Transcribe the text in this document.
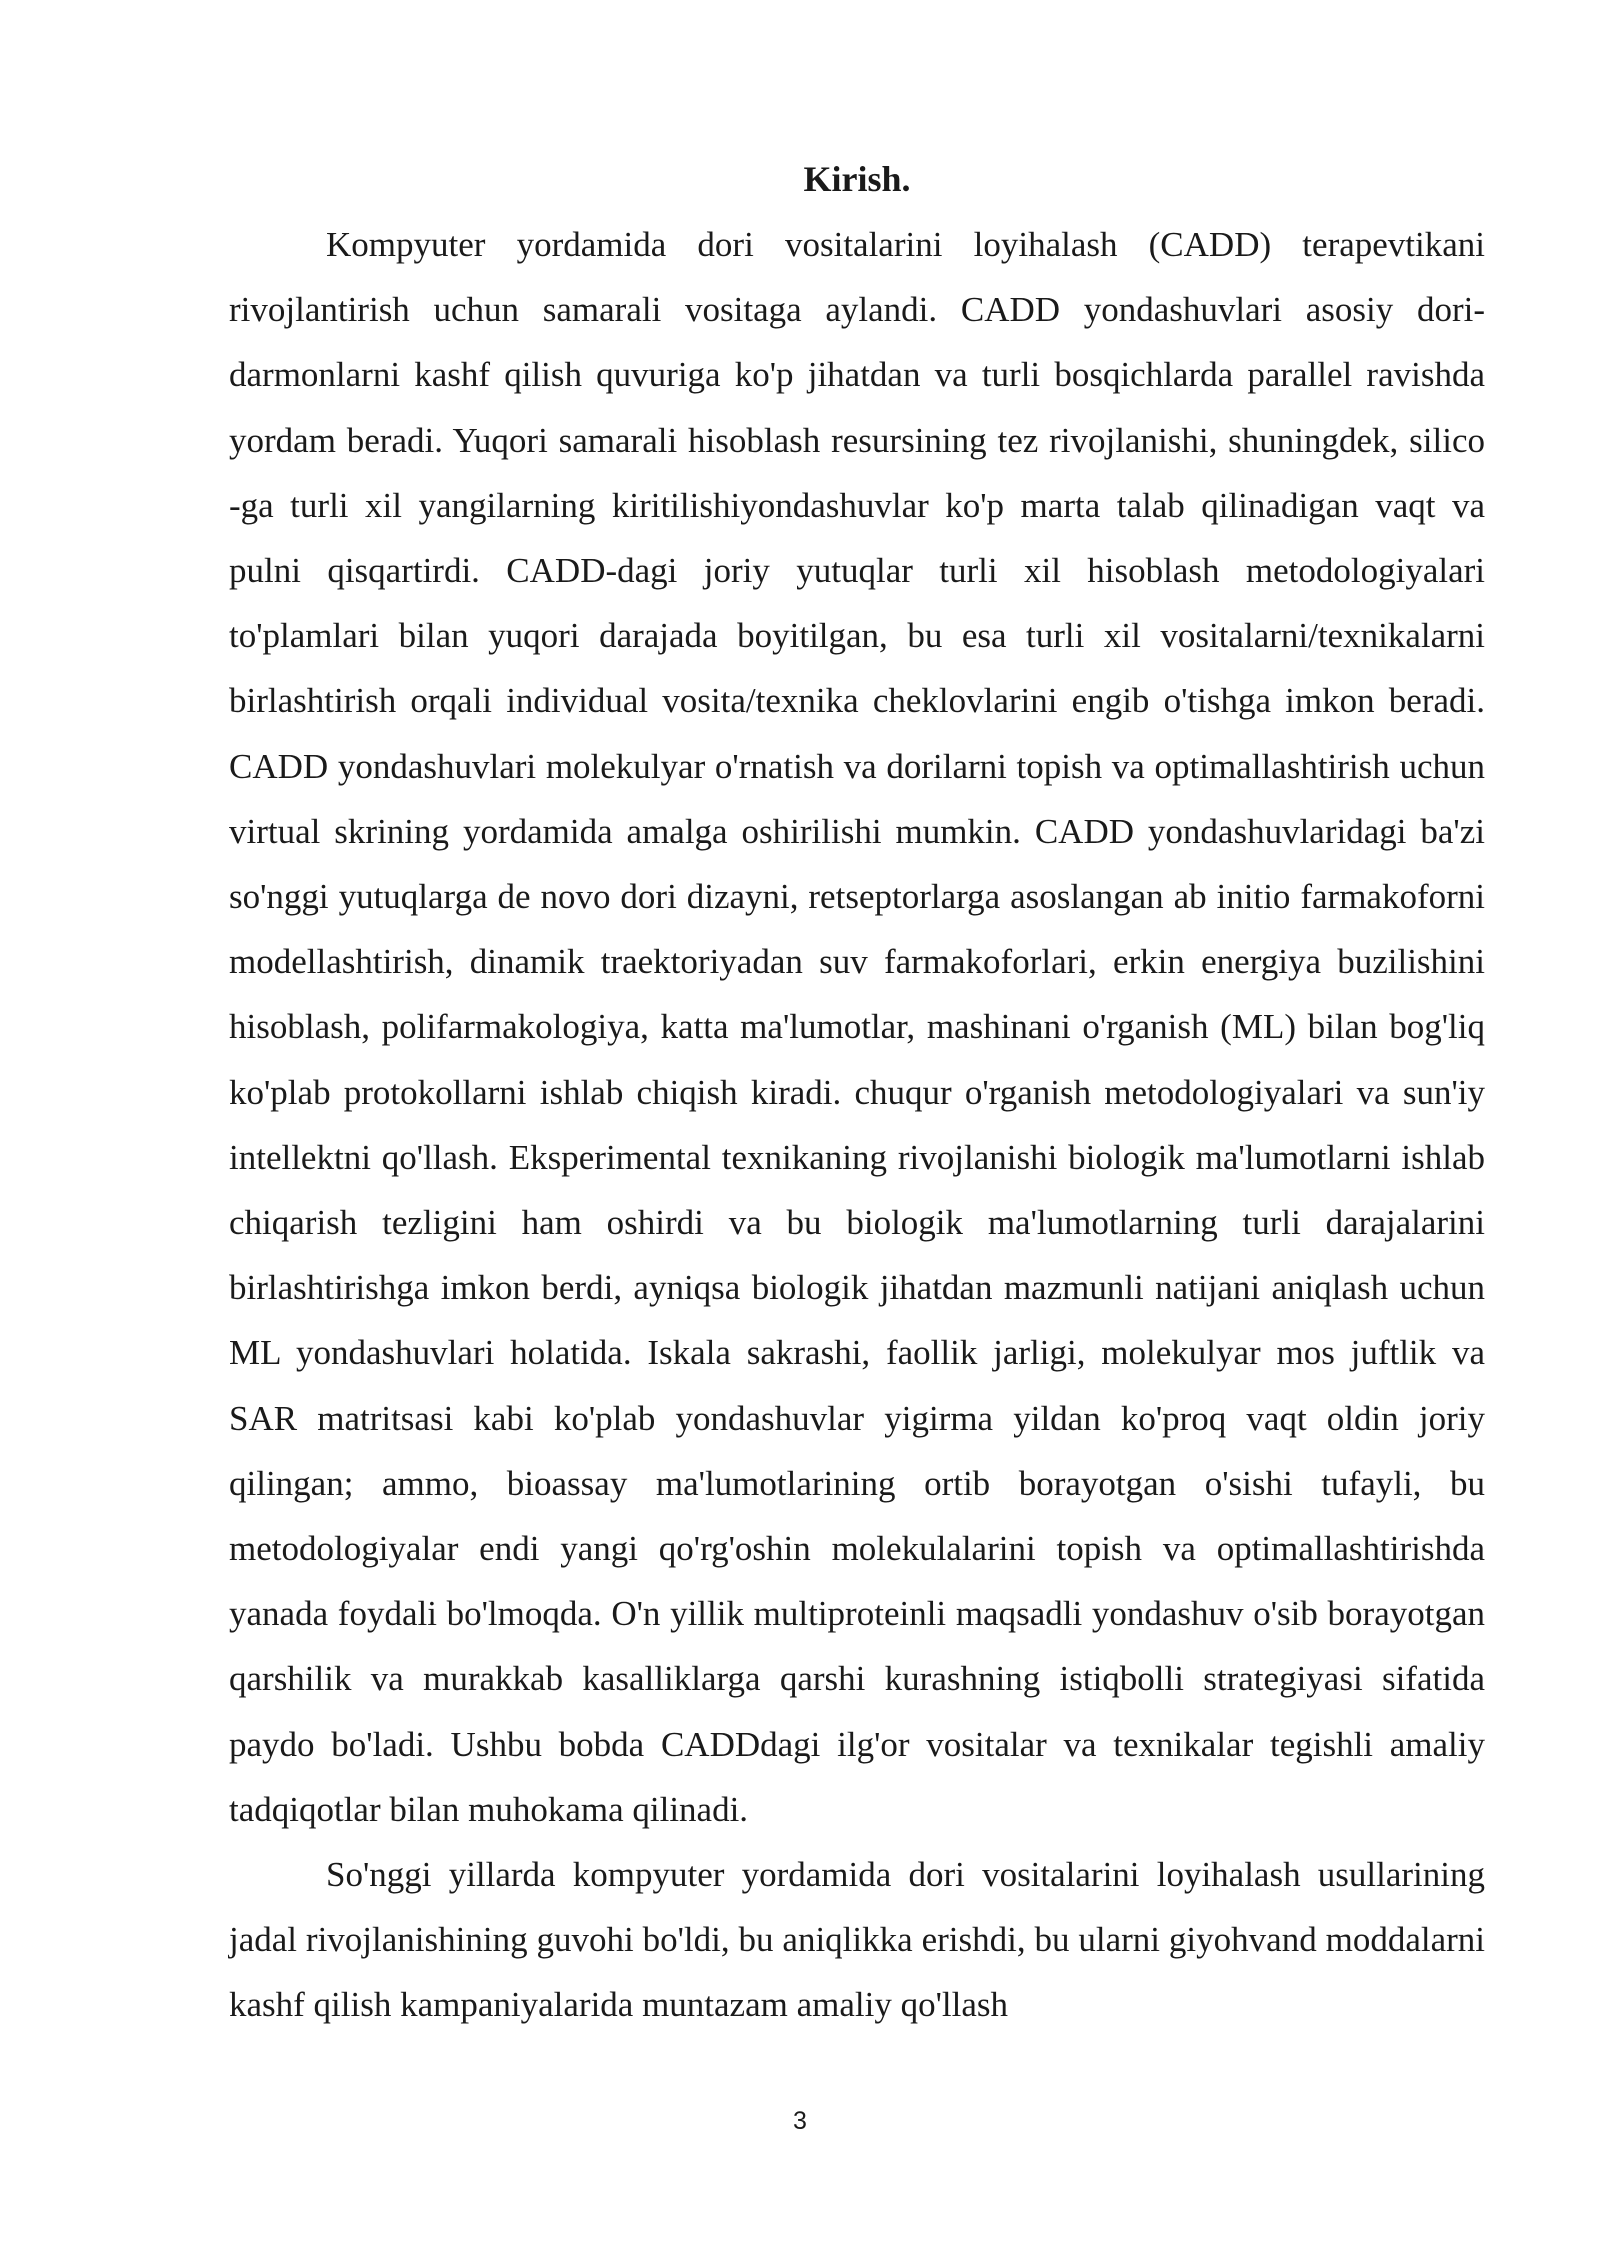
Kirish.

Kompyuter yordamida dori vositalarini loyihalash (CADD) terapevtikani rivojlantirish uchun samarali vositaga aylandi. CADD yondashuvlari asosiy dori-darmonlarni kashf qilish quvuriga ko'p jihatdan va turli bosqichlarda parallel ravishda yordam beradi. Yuqori samarali hisoblash resursining tez rivojlanishi, shuningdek, silico -ga turli xil yangilarning kiritilishiyondashuvlar ko'p marta talab qilinadigan vaqt va pulni qisqartirdi. CADD-dagi joriy yutuqlar turli xil hisoblash metodologiyalari to'plamlari bilan yuqori darajada boyitilgan, bu esa turli xil vositalarni/texnikalarni birlashtirish orqali individual vosita/texnika cheklovlarini engib o'tishga imkon beradi. CADD yondashuvlari molekulyar o'rnatish va dorilarni topish va optimallashtirish uchun virtual skrining yordamida amalga oshirilishi mumkin. CADD yondashuvlaridagi ba'zi so'nggi yutuqlarga de novo dori dizayni, retseptorlarga asoslangan ab initio farmakoforni modellashtirish, dinamik traektoriyadan suv farmakoforlari, erkin energiya buzilishini hisoblash, polifarmakologiya, katta ma'lumotlar, mashinani o'rganish (ML) bilan bog'liq ko'plab protokollarni ishlab chiqish kiradi. chuqur o'rganish metodologiyalari va sun'iy intellektni qo'llash. Eksperimental texnikaning rivojlanishi biologik ma'lumotlarni ishlab chiqarish tezligini ham oshirdi va bu biologik ma'lumotlarning turli darajalarini birlashtirishga imkon berdi, ayniqsa biologik jihatdan mazmunli natijani aniqlash uchun ML yondashuvlari holatida. Iskala sakrashi, faollik jarligi, molekulyar mos juftlik va SAR matritsasi kabi ko'plab yondashuvlar yigirma yildan ko'proq vaqt oldin joriy qilingan; ammo, bioassay ma'lumotlarining ortib borayotgan o'sishi tufayli, bu metodologiyalar endi yangi qo'rg'oshin molekulalarini topish va optimallashtirishda yanada foydali bo'lmoqda. O'n yillik multiproteinli maqsadli yondashuv o'sib borayotgan qarshilik va murakkab kasalliklarga qarshi kurashning istiqbolli strategiyasi sifatida paydo bo'ladi. Ushbu bobda CADDdagi ilg'or vositalar va texnikalar tegishli amaliy tadqiqotlar bilan muhokama qilinadi.

So'nggi yillarda kompyuter yordamida dori vositalarini loyihalash usullarining jadal rivojlanishining guvohi bo'ldi, bu aniqlikka erishdi, bu ularni giyohvand moddalarni kashf qilish kampaniyalarida muntazam amaliy qo'llash

3
